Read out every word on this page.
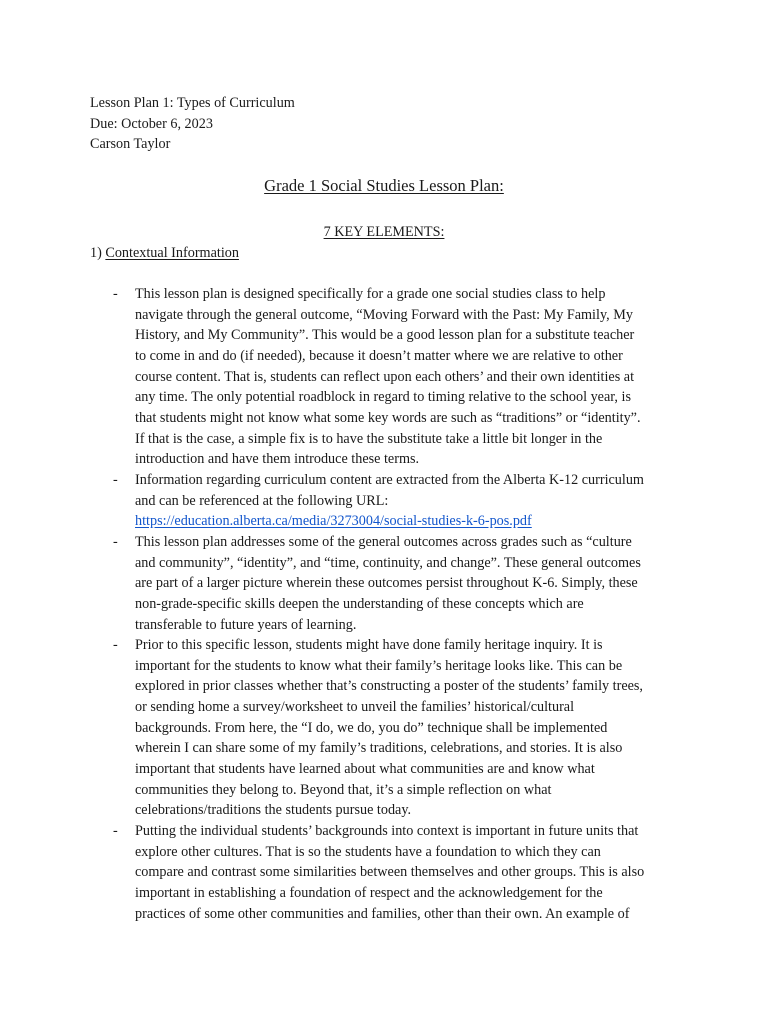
Lesson Plan 1: Types of Curriculum
Due: October 6, 2023
Carson Taylor
Grade 1 Social Studies Lesson Plan:
7 KEY ELEMENTS:
1) Contextual Information
- This lesson plan is designed specifically for a grade one social studies class to help
navigate through the general outcome, “Moving Forward with the Past: My Family, My
History, and My Community”. This would be a good lesson plan for a substitute teacher
to come in and do (if needed), because it doesn’t matter where we are relative to other
course content. That is, students can reflect upon each others’ and their own identities at
any time. The only potential roadblock in regard to timing relative to the school year, is
that students might not know what some key words are such as “traditions” or “identity”.
If that is the case, a simple fix is to have the substitute take a little bit longer in the
introduction and have them introduce these terms.
- Information regarding curriculum content are extracted from the Alberta K-12 curriculum
and can be referenced at the following URL:
https://education.alberta.ca/media/3273004/social-studies-k-6-pos.pdf
- This lesson plan addresses some of the general outcomes across grades such as “culture
and community”, “identity”, and “time, continuity, and change”. These general outcomes
are part of a larger picture wherein these outcomes persist throughout K-6. Simply, these
non-grade-specific skills deepen the understanding of these concepts which are
transferable to future years of learning.
- Prior to this specific lesson, students might have done family heritage inquiry. It is
important for the students to know what their family’s heritage looks like. This can be
explored in prior classes whether that’s constructing a poster of the students’ family trees,
or sending home a survey/worksheet to unveil the families’ historical/cultural
backgrounds. From here, the “I do, we do, you do” technique shall be implemented
wherein I can share some of my family’s traditions, celebrations, and stories. It is also
important that students have learned about what communities are and know what
communities they belong to. Beyond that, it’s a simple reflection on what
celebrations/traditions the students pursue today.
- Putting the individual students’ backgrounds into context is important in future units that
explore other cultures. That is so the students have a foundation to which they can
compare and contrast some similarities between themselves and other groups. This is also
important in establishing a foundation of respect and the acknowledgement for the
practices of some other communities and families, other than their own. An example of
